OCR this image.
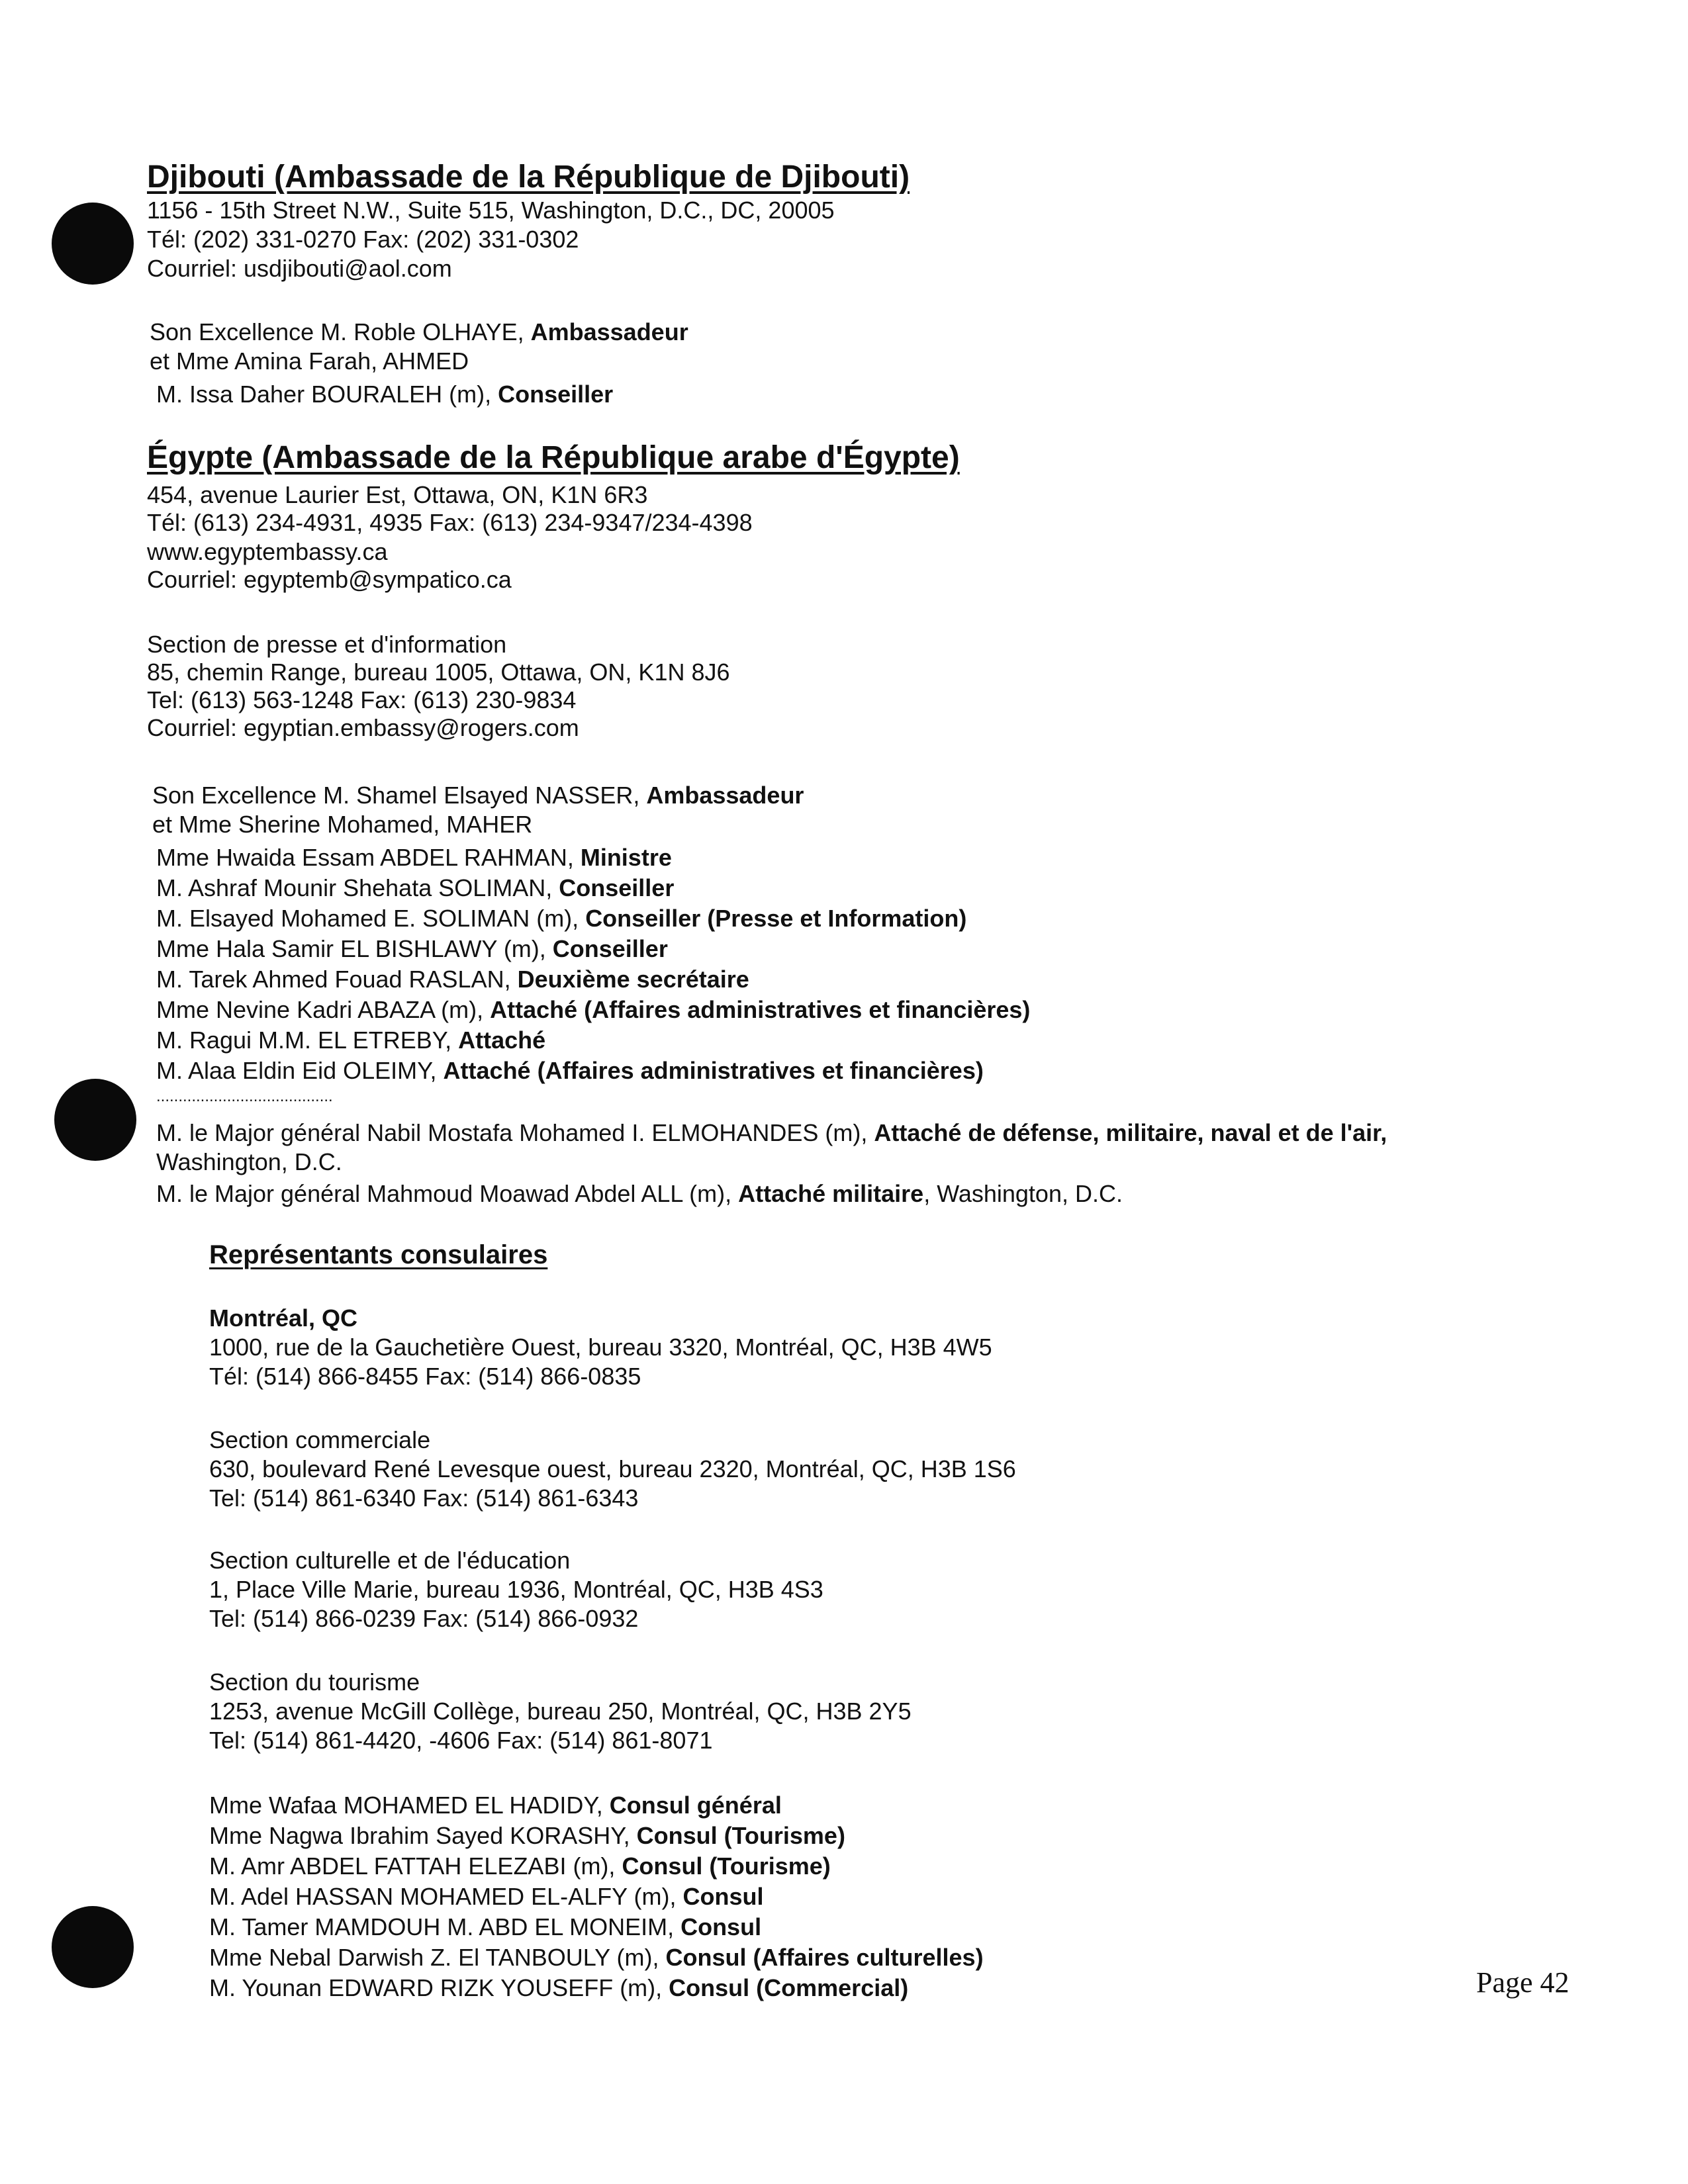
Djibouti (Ambassade de la République de Djibouti)
1156 - 15th Street N.W., Suite 515, Washington, D.C., DC, 20005
Tél: (202) 331-0270 Fax: (202) 331-0302
Courriel: usdjibouti@aol.com
Son Excellence M. Roble OLHAYE, Ambassadeur
et Mme Amina Farah, AHMED
M. Issa Daher BOURALEH (m), Conseiller
Égypte (Ambassade de la République arabe d'Égypte)
454, avenue Laurier Est, Ottawa, ON, K1N 6R3
Tél: (613) 234-4931, 4935 Fax: (613) 234-9347/234-4398
www.egyptembassy.ca
Courriel: egyptemb@sympatico.ca
Section de presse et d'information
85, chemin Range, bureau 1005, Ottawa, ON, K1N 8J6
Tel: (613) 563-1248 Fax: (613) 230-9834
Courriel: egyptian.embassy@rogers.com
Son Excellence M. Shamel Elsayed NASSER, Ambassadeur
et Mme Sherine Mohamed, MAHER
Mme Hwaida Essam ABDEL RAHMAN, Ministre
M. Ashraf Mounir Shehata SOLIMAN, Conseiller
M. Elsayed Mohamed E. SOLIMAN (m), Conseiller (Presse et Information)
Mme Hala Samir EL BISHLAWY (m), Conseiller
M. Tarek Ahmed Fouad RASLAN, Deuxième secrétaire
Mme Nevine Kadri ABAZA (m), Attaché (Affaires administratives et financières)
M. Ragui M.M. EL ETREBY, Attaché
M. Alaa Eldin Eid OLEIMY, Attaché (Affaires administratives et financières)
........................................
M. le Major général Nabil Mostafa Mohamed I. ELMOHANDES (m), Attaché de défense, militaire, naval et de l'air,
Washington, D.C.
M. le Major général Mahmoud Moawad Abdel ALL (m), Attaché militaire, Washington, D.C.
Représentants consulaires
Montréal, QC
1000, rue de la Gauchetière Ouest, bureau 3320, Montréal, QC, H3B 4W5
Tél: (514) 866-8455 Fax: (514) 866-0835
Section commerciale
630, boulevard René Levesque ouest, bureau 2320, Montréal, QC, H3B 1S6
Tel: (514) 861-6340 Fax: (514) 861-6343
Section culturelle et de l'éducation
1, Place Ville Marie, bureau 1936, Montréal, QC, H3B 4S3
Tel: (514) 866-0239 Fax: (514) 866-0932
Section du tourisme
1253, avenue McGill Collège, bureau 250, Montréal, QC, H3B 2Y5
Tel: (514) 861-4420, -4606 Fax: (514) 861-8071
Mme Wafaa MOHAMED EL HADIDY, Consul général
Mme Nagwa Ibrahim Sayed KORASHY, Consul (Tourisme)
M. Amr ABDEL FATTAH ELEZABI (m), Consul (Tourisme)
M. Adel HASSAN MOHAMED EL-ALFY (m), Consul
M. Tamer MAMDOUH M. ABD EL MONEIM, Consul
Mme Nebal Darwish Z. El TANBOULY (m), Consul (Affaires culturelles)
M. Younan EDWARD RIZK YOUSEFF (m), Consul (Commercial)	Page 42
